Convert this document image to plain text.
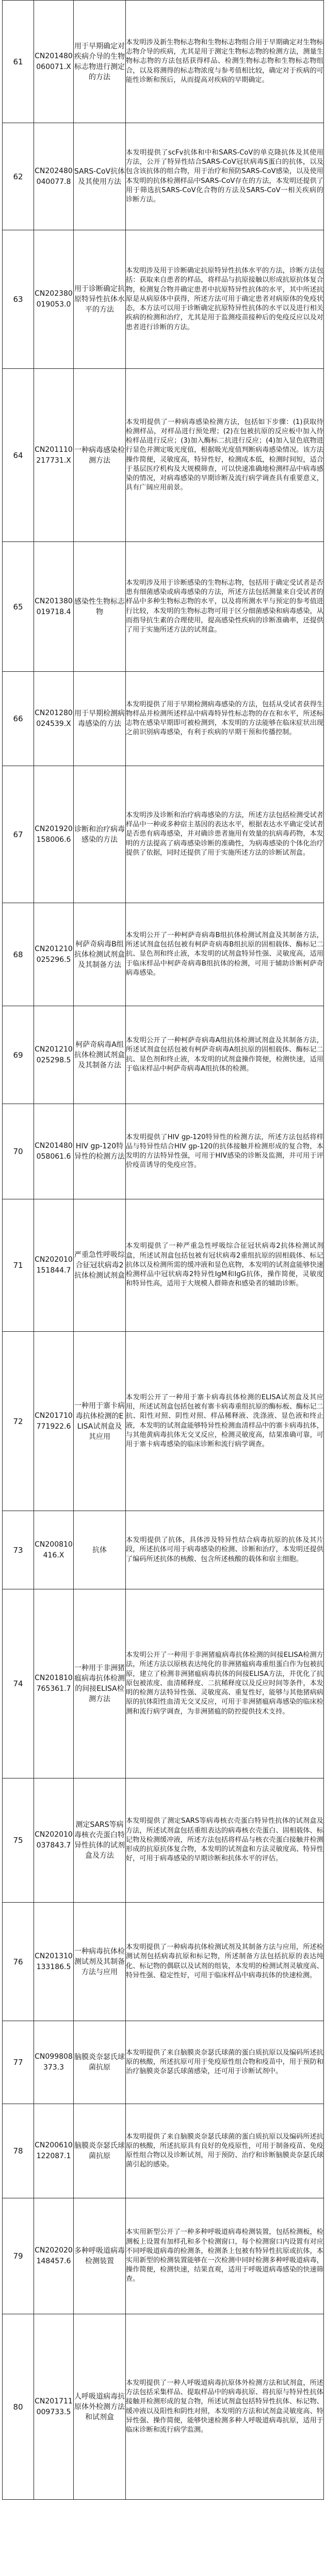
61	CN201480060071.X	用于早期确定对疾病介导的生物标志物进行测定的方法	本发明涉及新生物标志物和生物标志物组合用于早期确定对生物标志物介导的疾病，尤其是用于测定生物标志物的检测方法，测量生物标志物的方法包括获得样品、检测生物标志物和生物标志物组合，以及将测得的标志物浓度与参考值相比较，确定对于疾病的可能性诊断和预后，从而提高对疾病的早期确定。
62	CN202480040077.8	SARS-CoV抗体及其使用方法	本发明提供了scFv抗体和中和SARS-CoV的单克隆抗体及其使用方法，公开了特异性结合SARS-CoV冠状病毒S蛋白的抗体，以及包含该抗体的组合物，用于治疗和预防SARS-CoV感染，以及使用本发明的抗体检测样品中SARS-CoV存在的方法，本发明还提供了用于筛选抗SARS-CoV化合物的方法及SARS-CoV一相关疾病的诊断方法。
63	CN202380019053.0	用于诊断确定抗原特异性抗体水平的方法	本发明涉及用于诊断确定抗原特异性抗体水平的方法，诊断方法包括：获取来自患者的样品，将样品与抗原接触以形成抗原抗体复合物，检测复合物并确定患者中抗原特异性抗体的水平，其中所述抗原是从病原体中获得，所述方法可用于确定患者对病原体的免疫状态，本方法可以用于诊断确定抗原特异性抗体的水平以及进行相关疾病的检测和治疗，尤其是用于监测疫苗接种后的免疫反应以及对患者进行诊断的方法。
64	CN201110217731.X	一种病毒感染检测方法	本发明提供了一种病毒感染检测方法，包括如下步骤：(1)获取待检测样品，对样品进行预处理；(2)在包被抗原的反应板中加入待检样品进行反应；(3)加入酶标二抗进行反应；(4)加入显色底物进行显色并测定吸光度值，根据吸光度值判断病毒感染情况。该方法操作简便，灵敏度高，特异性好，检测成本低，检测时间短，适合于基层医疗机构及大规模筛查，可以快速准确地检测样品中病毒感染的情况，对病毒感染的早期诊断及流行病学调查具有重要意义，具有广阔应用前景。
65	CN201380019718.4	感染性生物标志物	本发明涉及用于诊断感染的生物标志物，包括用于确定受试者是否患有细菌感染或病毒感染的方法，所述方法包括测量来自受试者的样品中多种生物标志物的水平，以及将所测水平与预定的参考值进行比较，本发明的生物标志物可用于区分细菌感染和病毒感染，从而指导抗生素的合理使用，提高感染性疾病的诊断准确率，还提供了用于实施所述方法的试剂盒。
66	CN201280024539.X	用于早期检测病毒感染的方法	本发明提供了用于早期检测病毒感染的方法，包括从受试者获得生物样品并检测所述样品中病毒特异性标志物的存在和水平，所述标志物在感染早期即可被检测到，本发明的方法能够在临床症状出现之前识别病毒感染，有利于疾病的早期干预和传播控制。
67	CN201920158006.6	诊断和治疗病毒感染的方法	本发明涉及诊断和治疗病毒感染的方法，所述方法包括检测受试者样品中一种或多种宿主基因的表达水平，根据表达水平确定受试者是否患有病毒感染，并对确诊患者施用有效量的抗病毒药物，本发明的方法提高了病毒感染诊断的准确性，为病毒感染的个体化治疗提供了依据，同时还提供了用于实施所述方法的诊断试剂盒。
68	CN201210025296.5	柯萨奇病毒B组抗体检测试剂盒及其制备方法	本发明公开了一种柯萨奇病毒B组抗体检测试剂盒及其制备方法，所述试剂盒包括包被有柯萨奇病毒B组抗原的固相载体、酶标记二抗、显色剂和终止液，本发明的试剂盒特异性强、灵敏度高，适用于临床样品中柯萨奇病毒B组抗体的检测，可用于辅助诊断柯萨奇病毒感染。
69	CN201210025298.5	柯萨奇病毒A组抗体检测试剂盒及其制备方法	本发明公开了一种柯萨奇病毒A组抗体检测试剂盒及其制备方法，所述试剂盒包括包被有柯萨奇病毒A组抗原的固相载体、酶标记二抗、显色剂和终止液，本发明的试剂盒操作简便，检测快速，适用于临床样品中柯萨奇病毒A组抗体的检测。
70	CN201480058061.6	HIV gp-120特异性的检测方法	本发明提供了HIV gp-120特异性的检测方法，所述方法包括将样品与特异性结合HIV gp-120的抗体接触并检测形成的复合物，本发明的方法特异性强，可用于HIV感染的诊断及监测，并可用于评价疫苗诱导的免疫应答。
71	CN202010151844.7	严重急性呼吸综合征冠状病毒2抗体检测试剂盒	本发明提供了一种严重急性呼吸综合征冠状病毒2抗体检测试剂盒，所述试剂盒包括包被有冠状病毒2重组抗原的固相载体、标记抗体以及检测所需的缓冲液和显色底物，本发明的试剂盒能够快速检测样品中冠状病毒2特异性IgM和IgG抗体，操作简便，灵敏度和特异性高，适用于大规模人群筛查和感染者的辅助诊断。
72	CN201710771922.6	一种用于寨卡病毒抗体检测的ELISA试剂盒及其应用	本发明公开了一种用于寨卡病毒抗体检测的ELISA试剂盒及其应用，所述试剂盒包括包被有寨卡病毒重组抗原的酶标板、酶标记二抗、阳性对照、阴性对照、样品稀释液、洗涤液、显色液和终止液，本发明的试剂盒能够特异性检测血清样品中的寨卡病毒抗体，与其他黄病毒抗体无交叉反应，检测灵敏度高，结果准确可靠，可用于寨卡病毒感染的临床诊断和流行病学调查。
73	CN200810416.X	抗体	本发明提供了抗体，具体涉及特异性结合病毒抗原的抗体及其片段，所述抗体可用于病毒感染的检测、诊断和治疗，本发明还提供了编码所述抗体的核酸、包含所述核酸的载体和宿主细胞。
74	CN201810765361.7	一种用于非洲猪瘟病毒抗体检测的间接ELISA检测方法	本发明公开了一种用于非洲猪瘟病毒抗体检测的间接ELISA检测方法，所述方法以原核表达纯化的非洲猪瘟病毒重组蛋白作为包被抗原，建立了检测非洲猪瘟病毒抗体的间接ELISA方法，并优化了抗原包被浓度、血清稀释度、二抗稀释度以及反应时间等条件，本发明的检测方法特异性强、灵敏度高、重复性好，能够与其他猪病病原的抗体阳性血清无交叉反应，可用于非洲猪瘟病毒感染的临床检测和流行病学调查，为非洲猪瘟的防控提供技术支持。
75	CN202010037843.7	测定SARS等病毒核衣壳蛋白特异性抗体的试剂盒及方法	本发明提供了测定SARS等病毒核衣壳蛋白特异性抗体的试剂盒及方法，所述试剂盒包括重组表达的病毒核衣壳蛋白、固相载体、标记物及检测缓冲液，所述方法包括将样品与核衣壳蛋白接触并检测形成的抗原抗体复合物，本发明的试剂盒和方法灵敏度高、特异性好，可用于病毒感染的早期诊断和抗体水平的评估。
76	CN201310133186.5	一种病毒抗体检测试剂及其制备方法与应用	本发明提供了一种病毒抗体检测试剂及其制备方法与应用，所述检测试剂包括病毒抗原和标记物，所述制备方法包括抗原的表达纯化、标记物的偶联以及试剂的组装，本发明的检测试剂灵敏度高、特异性强、稳定性好，可用于临床样品中病毒抗体的快速检测。
77	CN099808373.3	脑膜炎奈瑟氏球菌抗原	本发明提供了来自脑膜炎奈瑟氏球菌的蛋白质抗原以及编码所述抗原的核酸，所述抗原可用于免疫原性组合物和疫苗中，用于预防和治疗脑膜炎奈瑟氏球菌感染，还可用于诊断试剂中。
78	CN200610122087.1	脑膜炎奈瑟氏球菌抗原	本发明提供了来自脑膜炎奈瑟氏球菌的蛋白质抗原以及编码所述抗原的核酸，所述抗原具有良好的免疫原性，可用于制备疫苗、免疫原性组合物以及诊断试剂，用于预防、治疗和诊断脑膜炎奈瑟氏球菌引起的感染。
79	CN202020148457.6	多种呼吸道病毒检测装置	本实用新型公开了一种多种呼吸道病毒检测装置，包括检测板，检测板上设置有加样孔和多个检测窗口，每个检测窗口内设置有对应不同呼吸道病毒的检测条，检测条上包被有特异性抗原或抗体，本实用新型的检测装置能够在一次检测中同时检测多种呼吸道病毒，操作简便，检测快速，结果直观，适用于呼吸道病毒感染的快速筛查。
80	CN201711009733.5	人呼吸道病毒抗原体外检测方法和试剂盒	本发明提供了一种人呼吸道病毒抗原体外检测方法和试剂盒，所述方法包括采集样品、提取样品中的病毒抗原、将抗原与特异性抗体接触并检测形成的复合物，所述试剂盒包括特异性抗体、标记物、缓冲液以及阳性和阴性对照，本发明的方法和试剂盒灵敏度高、特异性强、操作简便，能够快速检测多种人呼吸道病毒抗原，适用于临床诊断和流行病学监测。
